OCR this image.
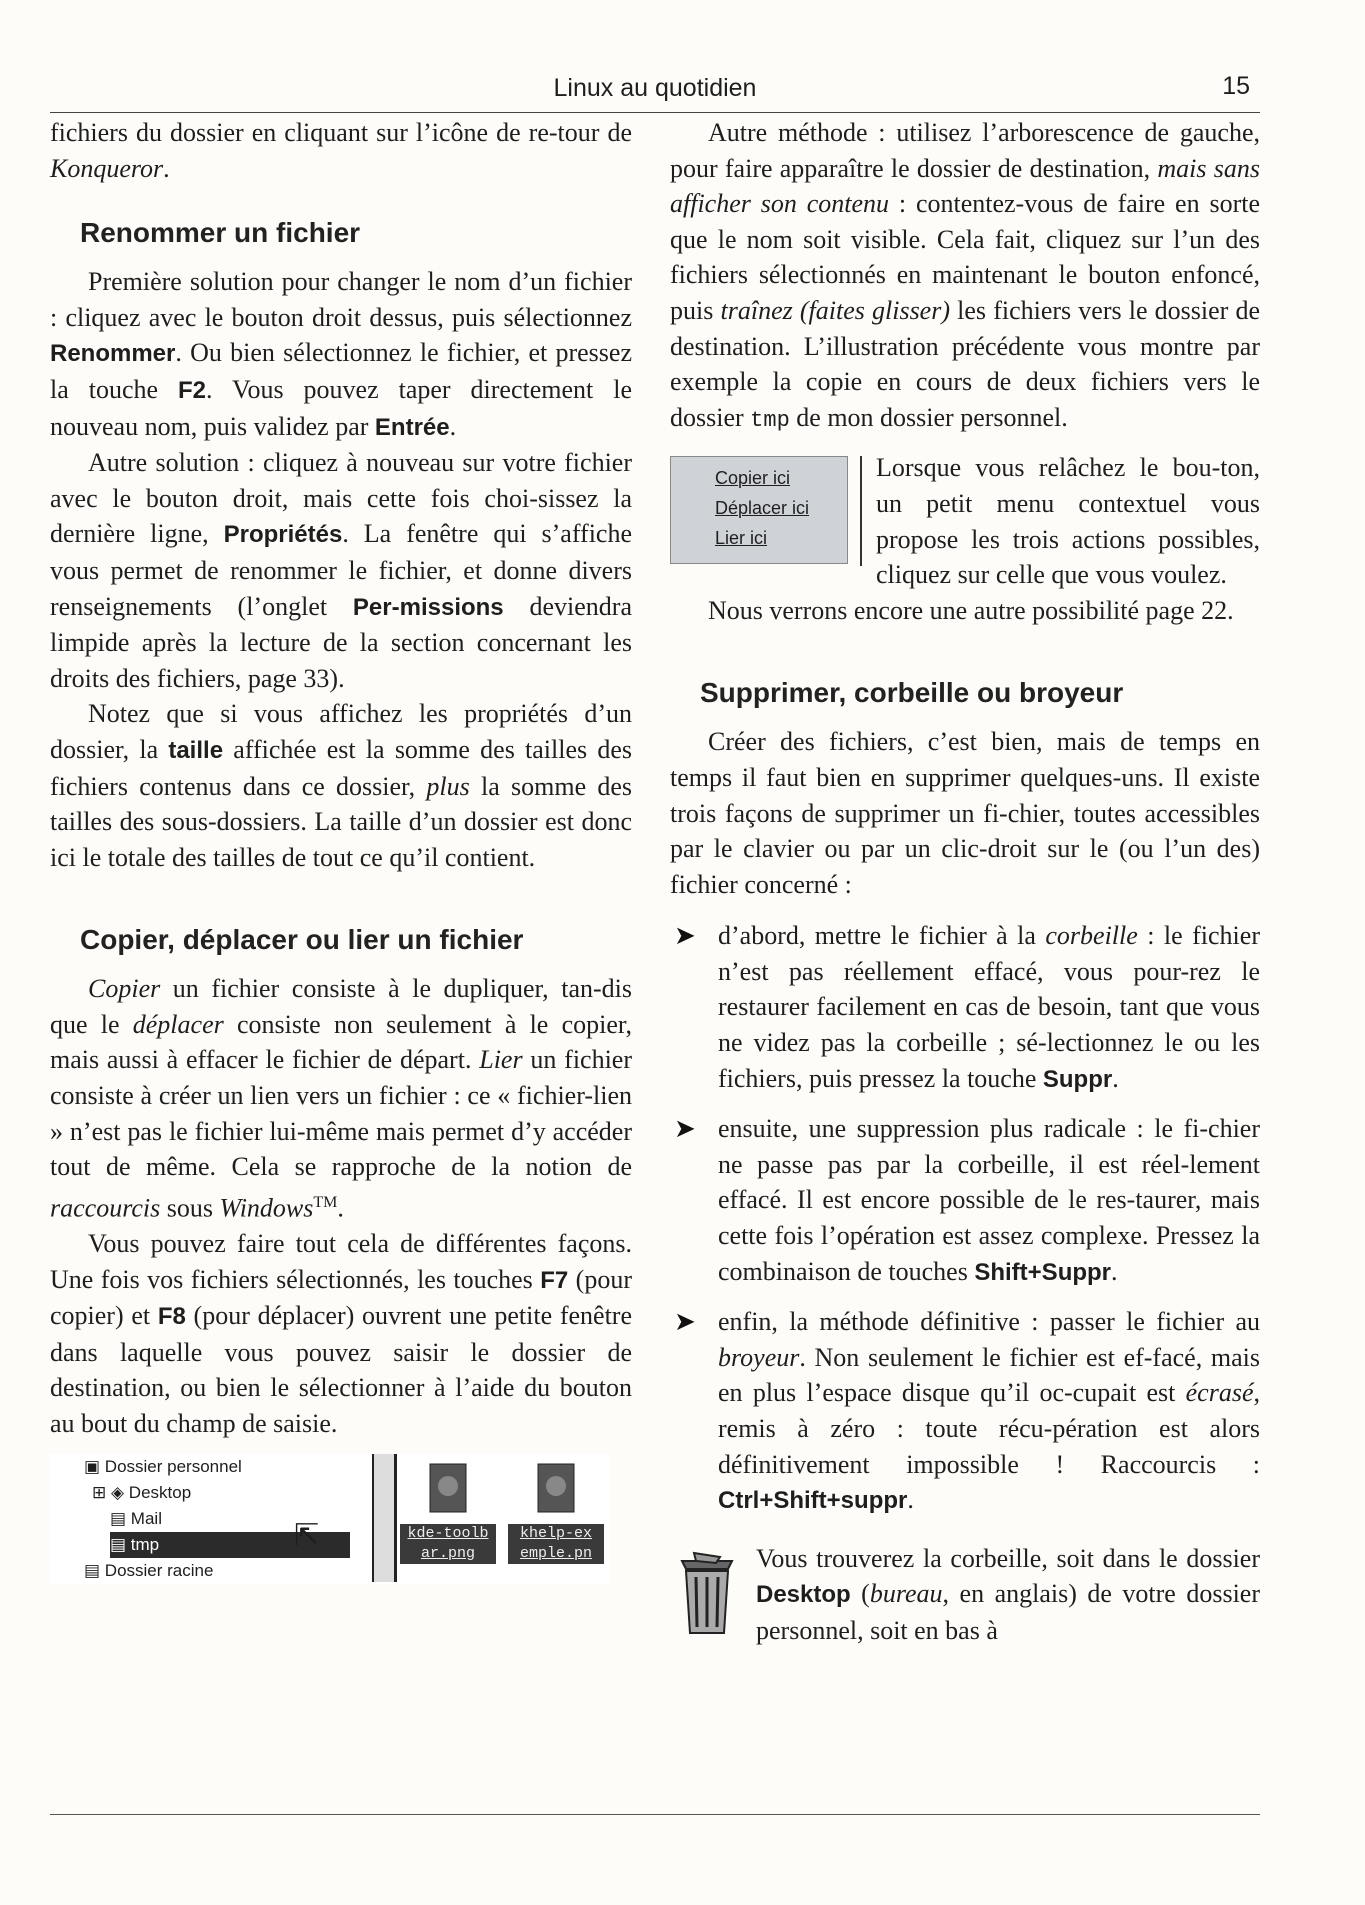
Linux au quotidien	15

fichiers du dossier en cliquant sur l’icône de re-tour de Konqueror.

Renommer un fichier

Première solution pour changer le nom d’un fichier : cliquez avec le bouton droit dessus, puis sélectionnez Renommer. Ou bien sélectionnez le fichier, et pressez la touche F2. Vous pouvez taper directement le nouveau nom, puis validez par Entrée.

Autre solution : cliquez à nouveau sur votre fichier avec le bouton droit, mais cette fois choi-sissez la dernière ligne, Propriétés. La fenêtre qui s’affiche vous permet de renommer le fichier, et donne divers renseignements (l’onglet Per-missions deviendra limpide après la lecture de la section concernant les droits des fichiers, page 33).

Notez que si vous affichez les propriétés d’un dossier, la taille affichée est la somme des tailles des fichiers contenus dans ce dossier, plus la somme des tailles des sous-dossiers. La taille d’un dossier est donc ici le totale des tailles de tout ce qu’il contient.

Copier, déplacer ou lier un fichier

Copier un fichier consiste à le dupliquer, tan-dis que le déplacer consiste non seulement à le copier, mais aussi à effacer le fichier de départ. Lier un fichier consiste à créer un lien vers un fichier : ce « fichier-lien » n’est pas le fichier lui-même mais permet d’y accéder tout de même. Cela se rapproche de la notion de raccourcis sous Windows™.

Vous pouvez faire tout cela de différentes façons. Une fois vos fichiers sélectionnés, les touches F7 (pour copier) et F8 (pour déplacer) ouvrent une petite fenêtre dans laquelle vous pouvez saisir le dossier de destination, ou bien le sélectionner à l’aide du bouton au bout du champ de saisie.

▣ Dossier personnel
⊞ ◈ Desktop
▤ Mail
▤ tmp
▤ Dossier racine
⇱	kde-toolb ar.png
khelp-ex emple.pn

Autre méthode : utilisez l’arborescence de gauche, pour faire apparaître le dossier de destination, mais sans afficher son contenu : contentez-vous de faire en sorte que le nom soit visible. Cela fait, cliquez sur l’un des fichiers sélectionnés en maintenant le bouton enfoncé, puis traînez (faites glisser) les fichiers vers le dossier de destination. L’illustration précédente vous montre par exemple la copie en cours de deux fichiers vers le dossier tmp de mon dossier personnel.

Copier ici
Déplacer ici
Lier ici

Lorsque vous relâchez le bou-ton, un petit menu contextuel vous propose les trois actions possibles, cliquez sur celle que vous voulez.

Nous verrons encore une autre possibilité page 22.

Supprimer, corbeille ou broyeur

Créer des fichiers, c’est bien, mais de temps en temps il faut bien en supprimer quelques-uns. Il existe trois façons de supprimer un fi-chier, toutes accessibles par le clavier ou par un clic-droit sur le (ou l’un des) fichier concerné :

➤ d’abord, mettre le fichier à la corbeille : le fichier n’est pas réellement effacé, vous pour-rez le restaurer facilement en cas de besoin, tant que vous ne videz pas la corbeille ; sé-lectionnez le ou les fichiers, puis pressez la touche Suppr.
➤ ensuite, une suppression plus radicale : le fi-chier ne passe pas par la corbeille, il est réel-lement effacé. Il est encore possible de le res-taurer, mais cette fois l’opération est assez complexe. Pressez la combinaison de touches Shift+Suppr.
➤ enfin, la méthode définitive : passer le fichier au broyeur. Non seulement le fichier est ef-facé, mais en plus l’espace disque qu’il oc-cupait est écrasé, remis à zéro : toute récu-pération est alors définitivement impossible ! Raccourcis : Ctrl+Shift+suppr.

Vous trouverez la corbeille, soit dans le dossier Desktop (bureau, en anglais) de votre dossier personnel, soit en bas à
